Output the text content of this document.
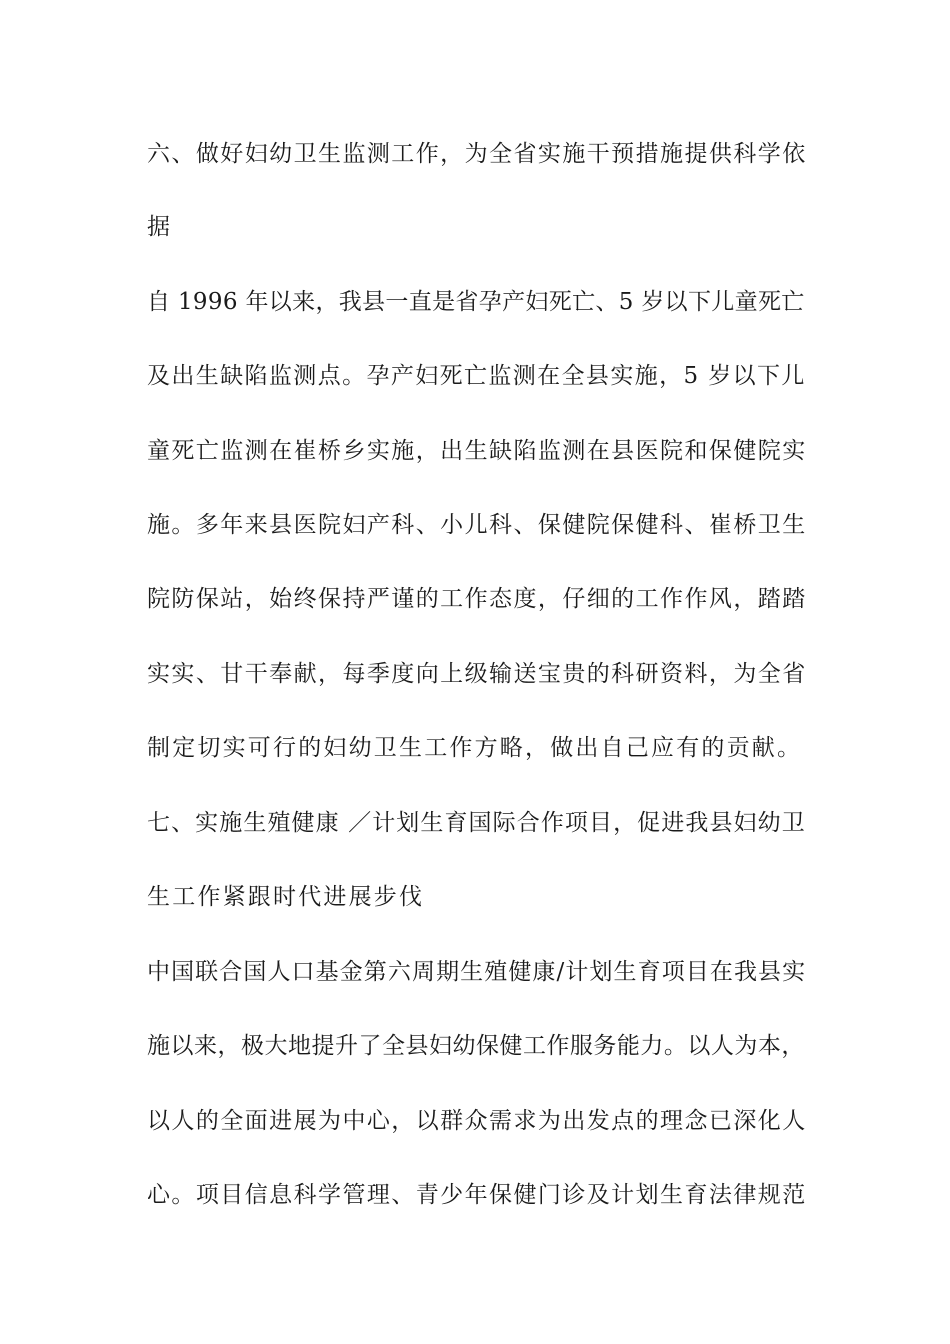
六、做好妇幼卫生监测工作，为全省实施干预措施提供科学依
据
自 1996 年以来，我县一直是省孕产妇死亡、5 岁以下儿童死亡
及出生缺陷监测点。孕产妇死亡监测在全县实施，5 岁以下儿
童死亡监测在崔桥乡实施，出生缺陷监测在县医院和保健院实
施。多年来县医院妇产科、小儿科、保健院保健科、崔桥卫生
院防保站，始终保持严谨的工作态度，仔细的工作作风，踏踏
实实、甘干奉献，每季度向上级输送宝贵的科研资料，为全省
制定切实可行的妇幼卫生工作方略，做出自己应有的贡献。
七、实施生殖健康 ／计划生育国际合作项目，促进我县妇幼卫
生工作紧跟时代进展步伐
中国联合国人口基金第六周期生殖健康/计划生育项目在我县实
施以来，极大地提升了全县妇幼保健工作服务能力。以人为本，
以人的全面进展为中心，以群众需求为出发点的理念已深化人
心。项目信息科学管理、青少年保健门诊及计划生育法律规范
